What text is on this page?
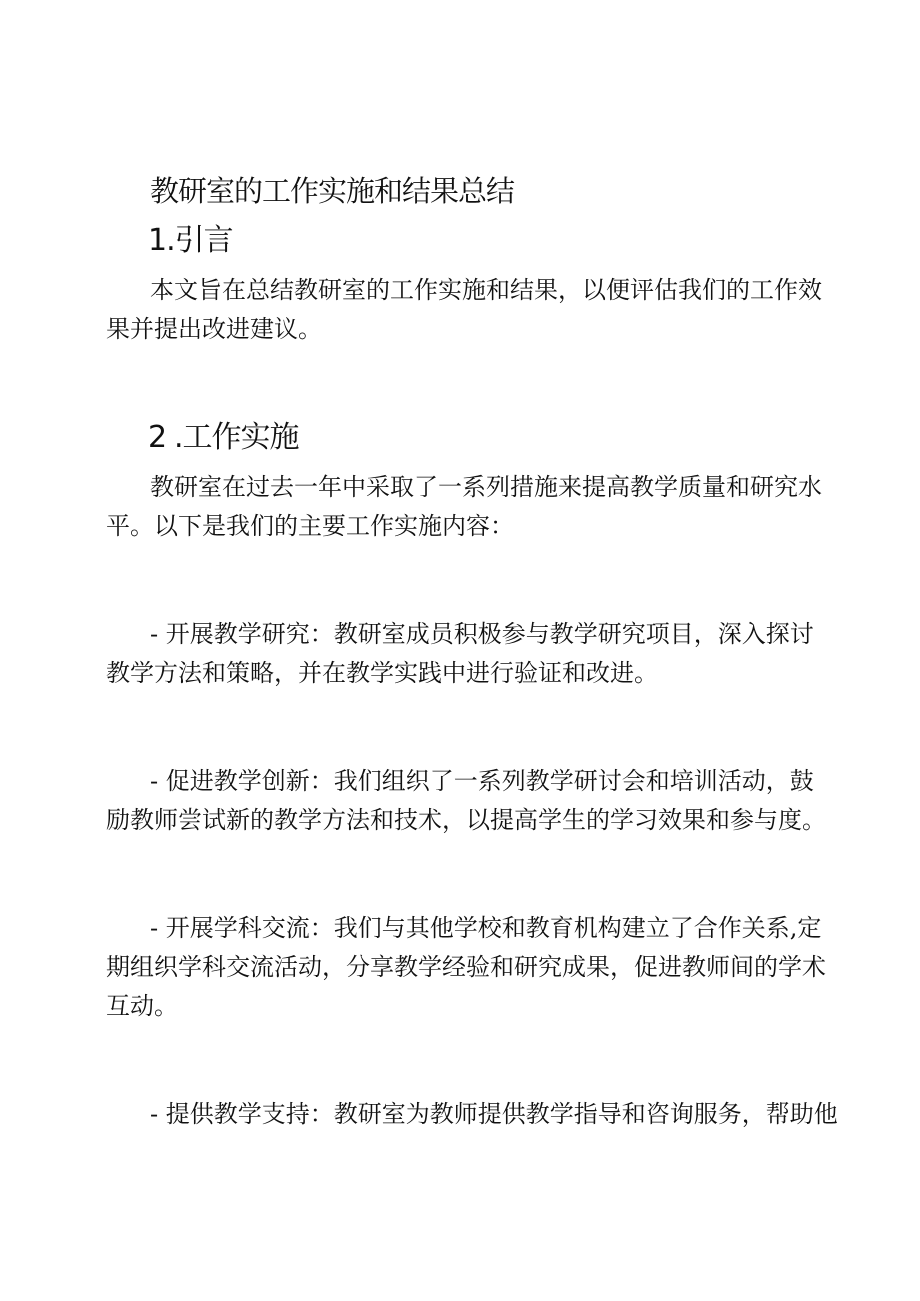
教研室的工作实施和结果总结
1.引言

本文旨在总结教研室的工作实施和结果，以便评估我们的工作效
果并提出改进建议。

2 .工作实施

教研室在过去一年中采取了一系列措施来提高教学质量和研究水
平。以下是我们的主要工作实施内容：

- 开展教学研究：教研室成员积极参与教学研究项目，深入探讨
教学方法和策略，并在教学实践中进行验证和改进。

- 促进教学创新：我们组织了一系列教学研讨会和培训活动，鼓
励教师尝试新的教学方法和技术，以提高学生的学习效果和参与度。

- 开展学科交流：我们与其他学校和教育机构建立了合作关系,定
期组织学科交流活动，分享教学经验和研究成果，促进教师间的学术
互动。

- 提供教学支持：教研室为教师提供教学指导和咨询服务，帮助他
